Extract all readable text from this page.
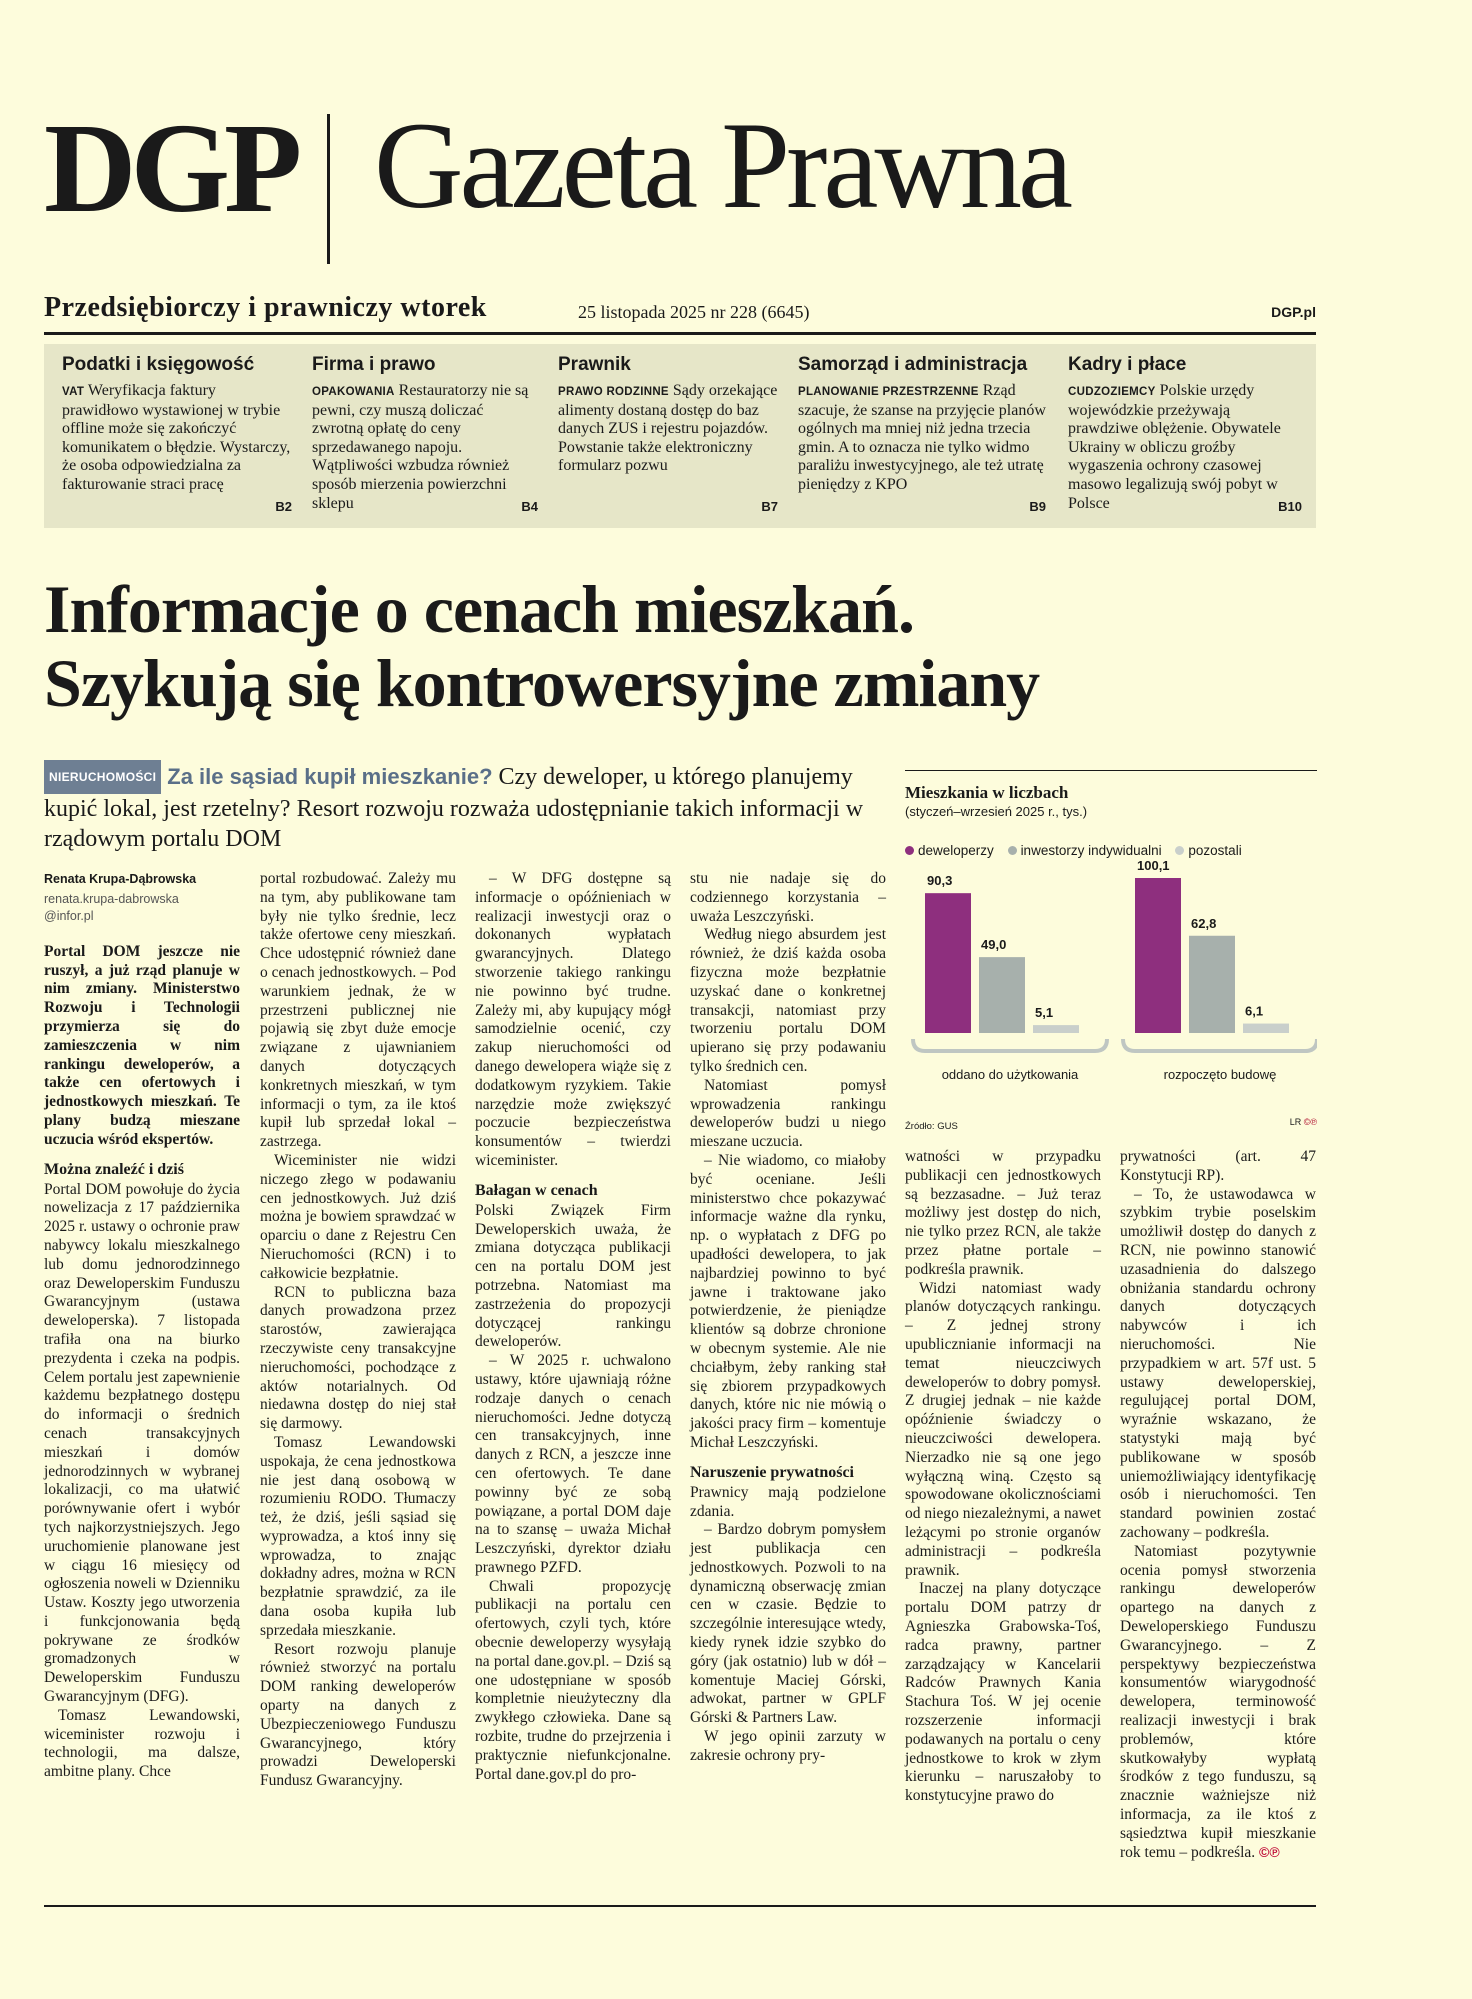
DGP Gazeta Prawna
Przedsiębiorczy i prawniczy wtorek	25 listopada 2025 nr 228 (6645)	DGP.pl
Podatki i księgowość

VAT Weryfikacja faktury prawidłowo wystawionej w trybie offline może się zakończyć komunikatem o błędzie. Wystarczy, że osoba odpowiedzialna za fakturowanie straci pracę

B2
Firma i prawo

OPAKOWANIA Restauratorzy nie są pewni, czy muszą doliczać zwrotną opłatę do ceny sprzedawanego napoju. Wątpliwości wzbudza również sposób mierzenia powierzchni sklepu	B4
Prawnik

PRAWO RODZINNE Sądy orzekające alimenty dostaną dostęp do baz danych ZUS i rejestru pojazdów. Powstanie także elektroniczny formularz pozwu

B7
Samorząd i administracja

PLANOWANIE PRZESTRZENNE Rząd szacuje, że szanse na przyjęcie planów ogólnych ma mniej niż jedna trzecia gmin. A to oznacza nie tylko widmo paraliżu inwestycyjnego, ale też utratę pieniędzy z KPO

B9
Kadry i płace

CUDZOZIEMCY Polskie urzędy wojewódzkie przeżywają prawdziwe oblężenie. Obywatele Ukrainy w obliczu groźby wygaszenia ochrony czasowej masowo legalizują swój pobyt w Polsce	B10
Informacje o cenach mieszkań.
Szykują się kontrowersyjne zmiany
NIERUCHOMOŚCI Za ile sąsiad kupił mieszkanie? Czy deweloper, u którego planujemy kupić lokal, jest rzetelny? Resort rozwoju rozważa udostępnianie takich informacji w rządowym portalu DOM
Renata Krupa-Dąbrowska
renata.krupa-dabrowska
@infor.pl

Portal DOM jeszcze nie ruszył, a już rząd planuje w nim zmiany. Ministerstwo Rozwoju i Technologii przymierza się do zamieszczenia w nim rankingu deweloperów, a także cen ofertowych i jednostkowych mieszkań. Te plany budzą mieszane uczucia wśród ekspertów.

Można znaleźć i dziś

Portal DOM powołuje do życia nowelizacja z 17 października 2025 r. ustawy o ochronie praw nabywcy lokalu mieszkalnego lub domu jednorodzinnego oraz Deweloperskim Funduszu Gwarancyjnym (ustawa deweloperska). 7 listopada trafiła ona na biurko prezydenta i czeka na podpis. Celem portalu jest zapewnienie każdemu bezpłatnego dostępu do informacji o średnich cenach transakcyjnych mieszkań i domów jednorodzinnych w wybranej lokalizacji, co ma ułatwić porównywanie ofert i wybór tych najkorzystniejszych. Jego uruchomienie planowane jest w ciągu 16 miesięcy od ogłoszenia noweli w Dzienniku Ustaw. Koszty jego utworzenia i funkcjonowania będą pokrywane ze środków gromadzonych w Deweloperskim Funduszu Gwarancyjnym (DFG).

Tomasz Lewandowski, wiceminister rozwoju i technologii, ma dalsze, ambitne plany. Chce

portal rozbudować. Zależy mu na tym, aby publikowane tam były nie tylko średnie, lecz także ofertowe ceny mieszkań. Chce udostępnić również dane o cenach jednostkowych. – Pod warunkiem jednak, że w przestrzeni publicznej nie pojawią się zbyt duże emocje związane z ujawnianiem danych dotyczących konkretnych mieszkań, w tym informacji o tym, za ile ktoś kupił lub sprzedał lokal – zastrzega.

Wiceminister nie widzi niczego złego w podawaniu cen jednostkowych. Już dziś można je bowiem sprawdzać w oparciu o dane z Rejestru Cen Nieruchomości (RCN) i to całkowicie bezpłatnie.

RCN to publiczna baza danych prowadzona przez starostów, zawierająca rzeczywiste ceny transakcyjne nieruchomości, pochodzące z aktów notarialnych. Od niedawna dostęp do niej stał się darmowy.

Tomasz Lewandowski uspokaja, że cena jednostkowa nie jest daną osobową w rozumieniu RODO. Tłumaczy też, że dziś, jeśli sąsiad się wyprowadza, a ktoś inny się wprowadza, to znając dokładny adres, można w RCN bezpłatnie sprawdzić, za ile dana osoba kupiła lub sprzedała mieszkanie.

Resort rozwoju planuje również stworzyć na portalu DOM ranking deweloperów oparty na danych z Ubezpieczeniowego Funduszu Gwarancyjnego, który prowadzi Deweloperski Fundusz Gwarancyjny.

– W DFG dostępne są informacje o opóźnieniach w realizacji inwestycji oraz o dokonanych wypłatach gwarancyjnych. Dlatego stworzenie takiego rankingu nie powinno być trudne. Zależy mi, aby kupujący mógł samodzielnie ocenić, czy zakup nieruchomości od danego dewelopera wiąże się z dodatkowym ryzykiem. Takie narzędzie może zwiększyć poczucie bezpieczeństwa konsumentów – twierdzi wiceminister.

Bałagan w cenach

Polski Związek Firm Deweloperskich uważa, że zmiana dotycząca publikacji cen na portalu DOM jest potrzebna. Natomiast ma zastrzeżenia do propozycji dotyczącej rankingu deweloperów.

– W 2025 r. uchwalono ustawy, które ujawniają różne rodzaje danych o cenach nieruchomości. Jedne dotyczą cen transakcyjnych, inne danych z RCN, a jeszcze inne cen ofertowych. Te dane powinny być ze sobą powiązane, a portal DOM daje na to szansę – uważa Michał Leszczyński, dyrektor działu prawnego PZFD.

Chwali propozycję publikacji na portalu cen ofertowych, czyli tych, które obecnie deweloperzy wysyłają na portal dane.gov.pl. – Dziś są one udostępniane w sposób kompletnie nieużyteczny dla zwykłego człowieka. Dane są rozbite, trudne do przejrzenia i praktycznie niefunkcjonalne. Portal dane.gov.pl do pro-

stu nie nadaje się do codziennego korzystania – uważa Leszczyński.

Według niego absurdem jest również, że dziś każda osoba fizyczna może bezpłatnie uzyskać dane o konkretnej transakcji, natomiast przy tworzeniu portalu DOM upierano się przy podawaniu tylko średnich cen.

Natomiast pomysł wprowadzenia rankingu deweloperów budzi u niego mieszane uczucia.

– Nie wiadomo, co miałoby być oceniane. Jeśli ministerstwo chce pokazywać informacje ważne dla rynku, np. o wypłatach z DFG po upadłości dewelopera, to jak najbardziej powinno to być jawne i traktowane jako potwierdzenie, że pieniądze klientów są dobrze chronione w obecnym systemie. Ale nie chciałbym, żeby ranking stał się zbiorem przypadkowych danych, które nic nie mówią o jakości pracy firm – komentuje Michał Leszczyński.

Naruszenie prywatności

Prawnicy mają podzielone zdania.

– Bardzo dobrym pomysłem jest publikacja cen jednostkowych. Pozwoli to na dynamiczną obserwację zmian cen w czasie. Będzie to szczególnie interesujące wtedy, kiedy rynek idzie szybko do góry (jak ostatnio) lub w dół – komentuje Maciej Górski, adwokat, partner w GPLF Górski & Partners Law.

W jego opinii zarzuty w zakresie ochrony pry-

watności w przypadku publikacji cen jednostkowych są bezzasadne. – Już teraz możliwy jest dostęp do nich, nie tylko przez RCN, ale także przez płatne portale – podkreśla prawnik.

Widzi natomiast wady planów dotyczących rankingu. – Z jednej strony upublicznianie informacji na temat nieuczciwych deweloperów to dobry pomysł. Z drugiej jednak – nie każde opóźnienie świadczy o nieuczciwości dewelopera. Nierzadko nie są one jego wyłączną winą. Często są spowodowane okolicznościami od niego niezależnymi, a nawet leżącymi po stronie organów administracji – podkreśla prawnik.

Inaczej na plany dotyczące portalu DOM patrzy dr Agnieszka Grabowska-Toś, radca prawny, partner zarządzający w Kancelarii Radców Prawnych Kania Stachura Toś. W jej ocenie rozszerzenie informacji podawanych na portalu o ceny jednostkowe to krok w złym kierunku – naruszałoby to konstytucyjne prawo do

prywatności (art. 47 Konstytucji RP).

– To, że ustawodawca w szybkim trybie poselskim umożliwił dostęp do danych z RCN, nie powinno stanowić uzasadnienia do dalszego obniżania standardu ochrony danych dotyczących nabywców i ich nieruchomości. Nie przypadkiem w art. 57f ust. 5 ustawy deweloperskiej, regulującej portal DOM, wyraźnie wskazano, że statystyki mają być publikowane w sposób uniemożliwiający identyfikację osób i nieruchomości. Ten standard powinien zostać zachowany – podkreśla.

Natomiast pozytywnie ocenia pomysł stworzenia rankingu deweloperów opartego na danych z Deweloperskiego Funduszu Gwarancyjnego. – Z perspektywy bezpieczeństwa konsumentów wiarygodność dewelopera, terminowość realizacji inwestycji i brak problemów, które skutkowałyby wypłatą środków z tego funduszu, są znacznie ważniejsze niż informacja, za ile ktoś z sąsiedztwa kupił mieszkanie rok temu – podkreśla. ©℗

Mieszkania w liczbach
(styczeń–wrzesień 2025 r., tys.)
deweloperzy inwestorzy indywidualni pozostali
90,3
49,0
5,1
oddano do użytkowania
100,1
62,8
6,1
rozpoczęto budowę
Źródło: GUS	LR ©℗
